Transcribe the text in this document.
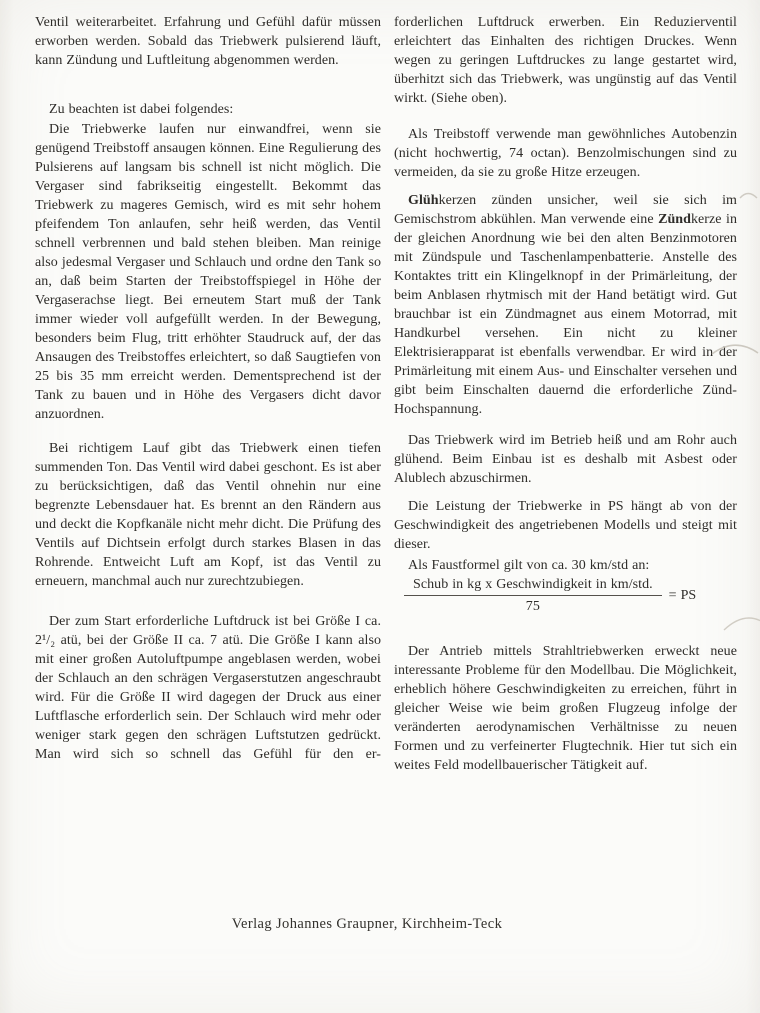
Ventil weiterarbeitet. Erfahrung und Gefühl dafür müssen erworben werden. Sobald das Triebwerk pulsierend läuft, kann Zündung und Luftleitung abgenommen werden.

Zu beachten ist dabei folgendes:

Die Triebwerke laufen nur einwandfrei, wenn sie genügend Treibstoff ansaugen können. Eine Regulierung des Pulsierens auf langsam bis schnell ist nicht möglich. Die Vergaser sind fabrikseitig eingestellt. Bekommt das Triebwerk zu mageres Gemisch, wird es mit sehr hohem pfeifendem Ton anlaufen, sehr heiß werden, das Ventil schnell verbrennen und bald stehen bleiben. Man reinige also jedesmal Vergaser und Schlauch und ordne den Tank so an, daß beim Starten der Treibstoffspiegel in Höhe der Vergaserachse liegt. Bei erneutem Start muß der Tank immer wieder voll aufgefüllt werden. In der Bewegung, besonders beim Flug, tritt erhöhter Staudruck auf, der das Ansaugen des Treibstoffes erleichtert, so daß Saugtiefen von 25 bis 35 mm erreicht werden. Dementsprechend ist der Tank zu bauen und in Höhe des Vergasers dicht davor anzuordnen.

Bei richtigem Lauf gibt das Triebwerk einen tiefen summenden Ton. Das Ventil wird dabei geschont. Es ist aber zu berücksichtigen, daß das Ventil ohnehin nur eine begrenzte Lebensdauer hat. Es brennt an den Rändern aus und deckt die Kopfkanäle nicht mehr dicht. Die Prüfung des Ventils auf Dichtsein erfolgt durch starkes Blasen in das Rohrende. Entweicht Luft am Kopf, ist das Ventil zu erneuern, manchmal auch nur zurechtzubiegen.

Der zum Start erforderliche Luftdruck ist bei Größe I ca. 2¹/₂ atü, bei der Größe II ca. 7 atü. Die Größe I kann also mit einer großen Autoluftpumpe angeblasen werden, wobei der Schlauch an den schrägen Vergaserstutzen angeschraubt wird. Für die Größe II wird dagegen der Druck aus einer Luftflasche erforderlich sein. Der Schlauch wird mehr oder weniger stark gegen den schrägen Luftstutzen gedrückt. Man wird sich so schnell das Gefühl für den er-

forderlichen Luftdruck erwerben. Ein Reduzierventil erleichtert das Einhalten des richtigen Druckes. Wenn wegen zu geringen Luftdruckes zu lange gestartet wird, überhitzt sich das Triebwerk, was ungünstig auf das Ventil wirkt. (Siehe oben).

Als Treibstoff verwende man gewöhnliches Autobenzin (nicht hochwertig, 74 octan). Benzolmischungen sind zu vermeiden, da sie zu große Hitze erzeugen.

Glühkerzen zünden unsicher, weil sie sich im Gemischstrom abkühlen. Man verwende eine Zündkerze in der gleichen Anordnung wie bei den alten Benzinmotoren mit Zündspule und Taschenlampenbatterie. Anstelle des Kontaktes tritt ein Klingelknopf in der Primärleitung, der beim Anblasen rhytmisch mit der Hand betätigt wird. Gut brauchbar ist ein Zündmagnet aus einem Motorrad, mit Handkurbel versehen. Ein nicht zu kleiner Elektrisierapparat ist ebenfalls verwendbar. Er wird in der Primärleitung mit einem Aus- und Einschalter versehen und gibt beim Einschalten dauernd die erforderliche Zünd-Hochspannung.

Das Triebwerk wird im Betrieb heiß und am Rohr auch glühend. Beim Einbau ist es deshalb mit Asbest oder Alublech abzuschirmen.

Die Leistung der Triebwerke in PS hängt ab von der Geschwindigkeit des angetriebenen Modells und steigt mit dieser.

Als Faustformel gilt von ca. 30 km/std an:
$\frac{\text{Schub in kg x Geschwindigkeit in km/std.}}{75}$ = PS

Der Antrieb mittels Strahltriebwerken erweckt neue interessante Probleme für den Modellbau. Die Möglichkeit, erheblich höhere Geschwindigkeiten zu erreichen, führt in gleicher Weise wie beim großen Flugzeug infolge der veränderten aerodynamischen Verhältnisse zu neuen Formen und zu verfeinerter Flugtechnik. Hier tut sich ein weites Feld modellbauerischer Tätigkeit auf.

Verlag Johannes Graupner, Kirchheim-Teck
